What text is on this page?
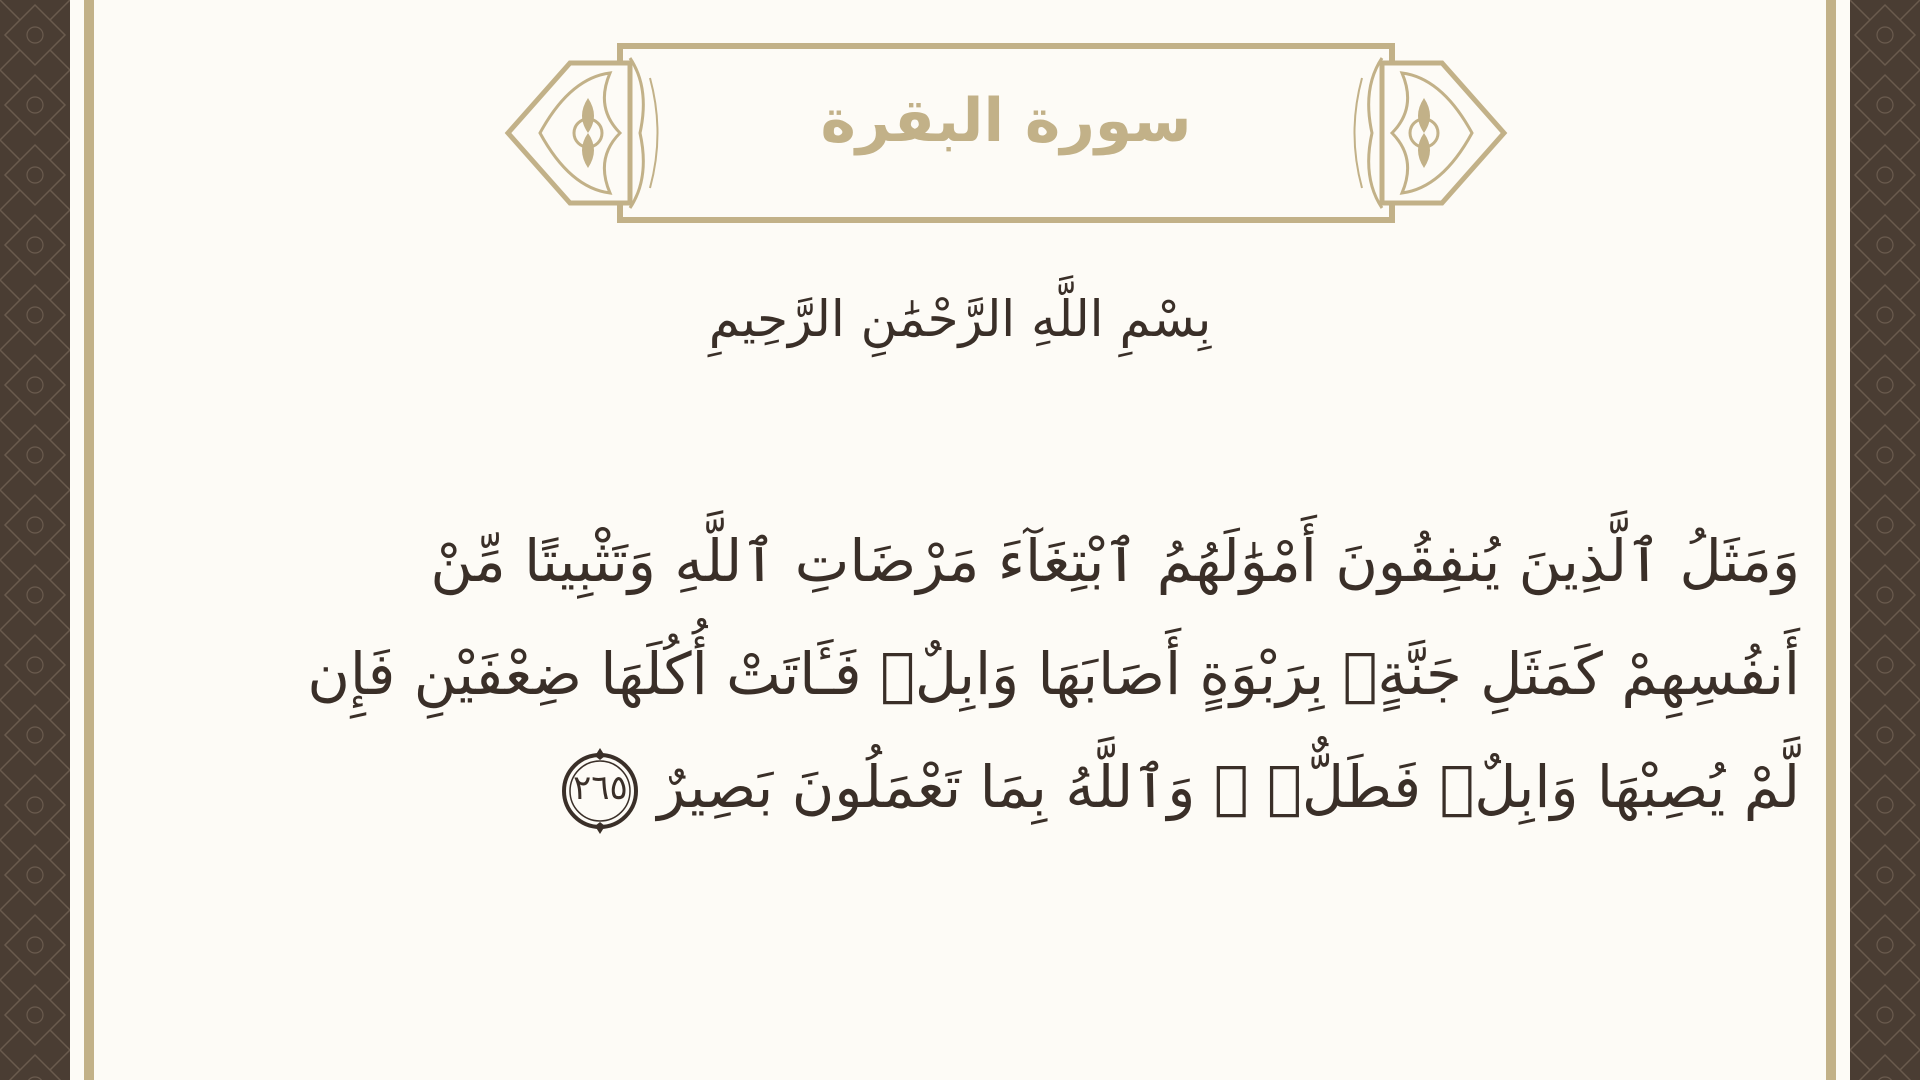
سورة البقرة
بِسْمِ اللَّهِ الرَّحْمَٰنِ الرَّحِيمِ
وَمَثَلُ ٱلَّذِينَ يُنفِقُونَ أَمْوَٰلَهُمُ ٱبْتِغَآءَ مَرْضَاتِ ٱللَّهِ وَتَثْبِيتًا مِّنْ
أَنفُسِهِمْ كَمَثَلِ جَنَّةٍۭ بِرَبْوَةٍ أَصَابَهَا وَابِلٌۭ فَـَٔاتَتْ أُكُلَهَا ضِعْفَيْنِ فَإِن
لَّمْ يُصِبْهَا وَابِلٌۭ فَطَلٌّۭ ۗ وَٱللَّهُ بِمَا تَعْمَلُونَ بَصِيرٌ
٢٦٥
